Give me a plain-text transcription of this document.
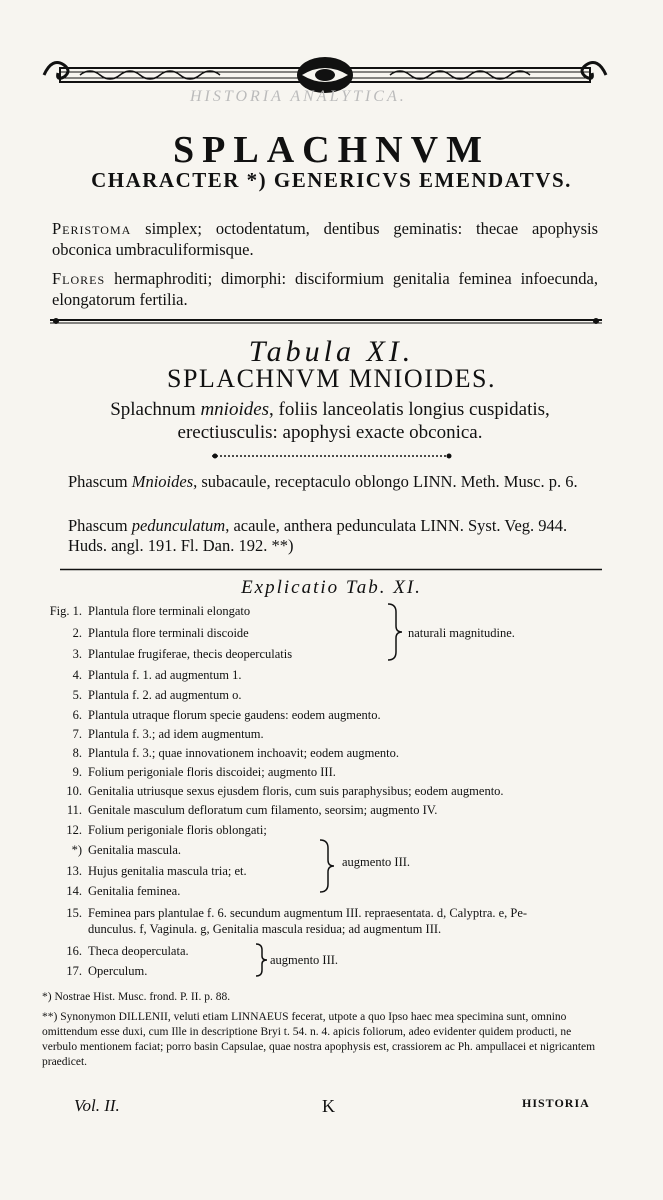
HISTORIA ANALYTICA.
SPLACHNVM
CHARACTER *) GENERICVS EMENDATVS.
Peristoma simplex; octodentatum, dentibus geminatis: thecae apophysis obconica umbraculiformisque.
Flores hermaphroditi; dimorphi: disciformium genitalia feminea infoecunda, elongatorum fertilia.
Tabula XI.
SPLACHNVM MNIOIDES.
Splachnum mnioides, foliis lanceolatis longius cuspidatis, erectiusculis: apophysi exacte obconica.
Phascum Mnioides, subacaule, receptaculo oblongo LINN. Meth. Musc. p. 6.
Phascum pedunculatum, acaule, anthera pedunculata LINN. Syst. Veg. 944. Huds. angl. 191. Fl. Dan. 192. **)
Explicatio Tab. XI.
Fig. 1. Plantula flore terminali elongato
2. Plantula flore terminali discoide
3. Plantulae frugiferae, thecis deoperculatis
4. Plantula f. 1. ad augmentum 1.
5. Plantula f. 2. ad augmentum o.
6. Plantula utraque florum specie gaudens: eodem augmento.
7. Plantula f. 3.; ad idem augmentum.
8. Plantula f. 3.; quae innovationem inchoavit; eodem augmento.
9. Folium perigoniale floris discoidei; augmento III.
10. Genitalia utriusque sexus ejusdem floris, cum suis paraphysibus; eodem augmento.
11. Genitale masculum defloratum cum filamento, seorsim; augmento IV.
12. Folium perigoniale floris oblongati;
*) Genitalia mascula.
13. Hujus genitalia mascula tria; et.
14. Genitalia feminea.
15. Feminea pars plantulae f. 6. secundum augmentum III. repraesentata. d, Calyptra. e, Pe-
dunculus. f, Vaginula. g, Genitalia mascula residua; ad augmentum III.
16. Theca deoperculata.
17. Operculum.
naturali magnitudine.
augmento III.
augmento III.
*) Nostrae Hist. Musc. frond. P. II. p. 88.
**) Synonymon DILLENII, veluti etiam LINNAEUS fecerat, utpote a quo Ipso haec mea specimina sunt, omnino omittendum esse duxi, cum Ille in descriptione Bryi t. 54. n. 4. apicis foliorum, adeo evidenter quidem producti, ne verbulo mentionem faciat; porro basin Capsulae, quae nostra apophysis est, crassiorem ac Ph. ampullacei et nigricantem praedicet.
Vol. II.	K	HISTORIA
